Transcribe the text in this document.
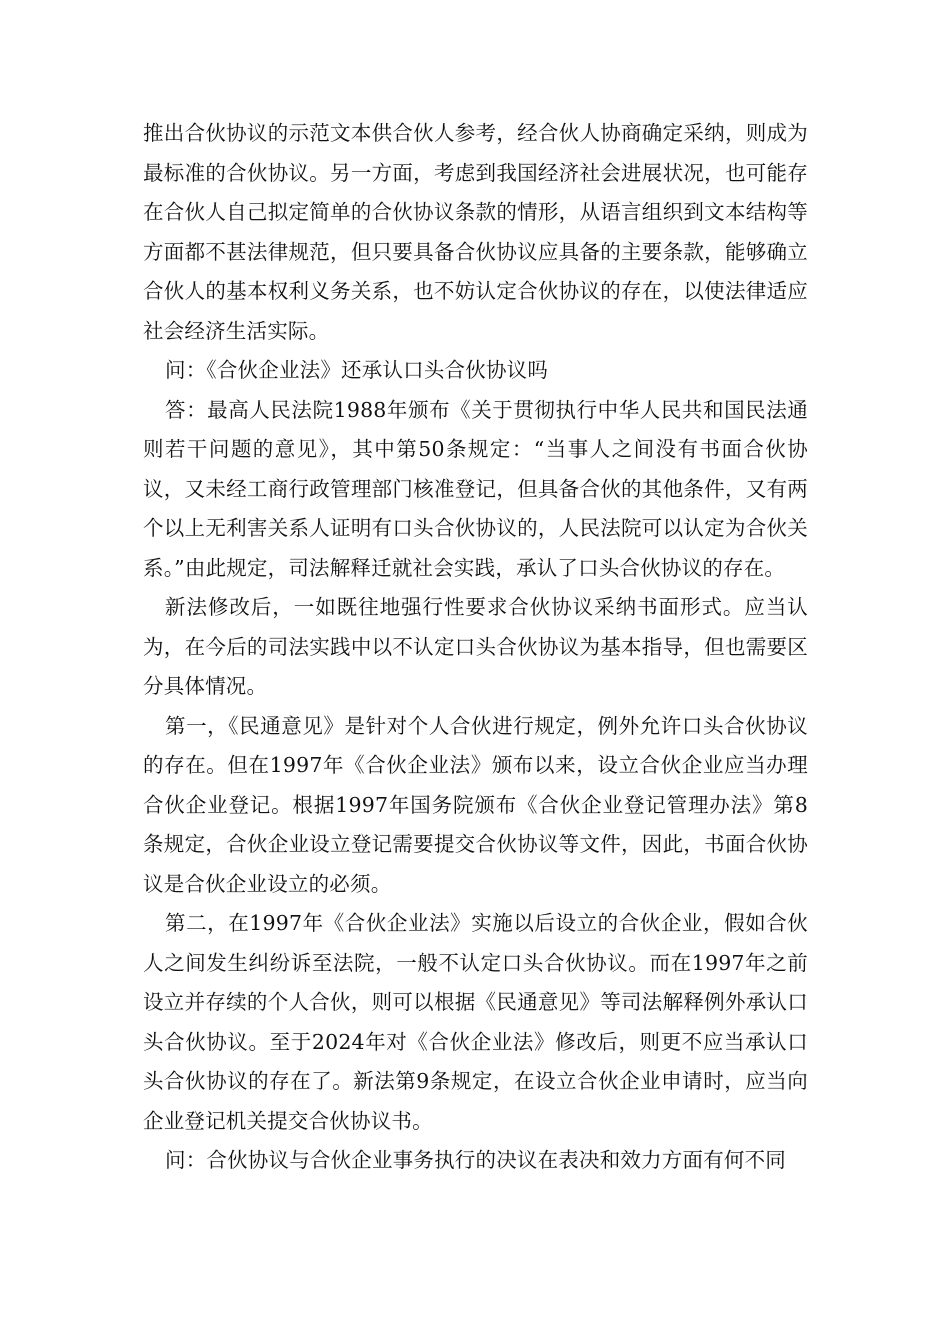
推出合伙协议的示范文本供合伙人参考，经合伙人协商确定采纳，则成为最标准的合伙协议。另一方面，考虑到我国经济社会进展状况，也可能存在合伙人自己拟定简单的合伙协议条款的情形，从语言组织到文本结构等方面都不甚法律规范，但只要具备合伙协议应具备的主要条款，能够确立合伙人的基本权利义务关系，也不妨认定合伙协议的存在，以使法律适应社会经济生活实际。

问：《合伙企业法》还承认口头合伙协议吗

答：最高人民法院1988年颁布《关于贯彻执行中华人民共和国民法通则若干问题的意见》，其中第50条规定：“当事人之间没有书面合伙协议，又未经工商行政管理部门核准登记，但具备合伙的其他条件，又有两个以上无利害关系人证明有口头合伙协议的，人民法院可以认定为合伙关系。”由此规定，司法解释迁就社会实践，承认了口头合伙协议的存在。

新法修改后，一如既往地强行性要求合伙协议采纳书面形式。应当认为，在今后的司法实践中以不认定口头合伙协议为基本指导，但也需要区分具体情况。

第一，《民通意见》是针对个人合伙进行规定，例外允许口头合伙协议的存在。但在1997年《合伙企业法》颁布以来，设立合伙企业应当办理合伙企业登记。根据1997年国务院颁布《合伙企业登记管理办法》第8条规定，合伙企业设立登记需要提交合伙协议等文件，因此，书面合伙协议是合伙企业设立的必须。

第二，在1997年《合伙企业法》实施以后设立的合伙企业，假如合伙人之间发生纠纷诉至法院，一般不认定口头合伙协议。而在1997年之前设立并存续的个人合伙，则可以根据《民通意见》等司法解释例外承认口头合伙协议。至于2024年对《合伙企业法》修改后，则更不应当承认口头合伙协议的存在了。新法第9条规定，在设立合伙企业申请时，应当向企业登记机关提交合伙协议书。

问：合伙协议与合伙企业事务执行的决议在表决和效力方面有何不同
